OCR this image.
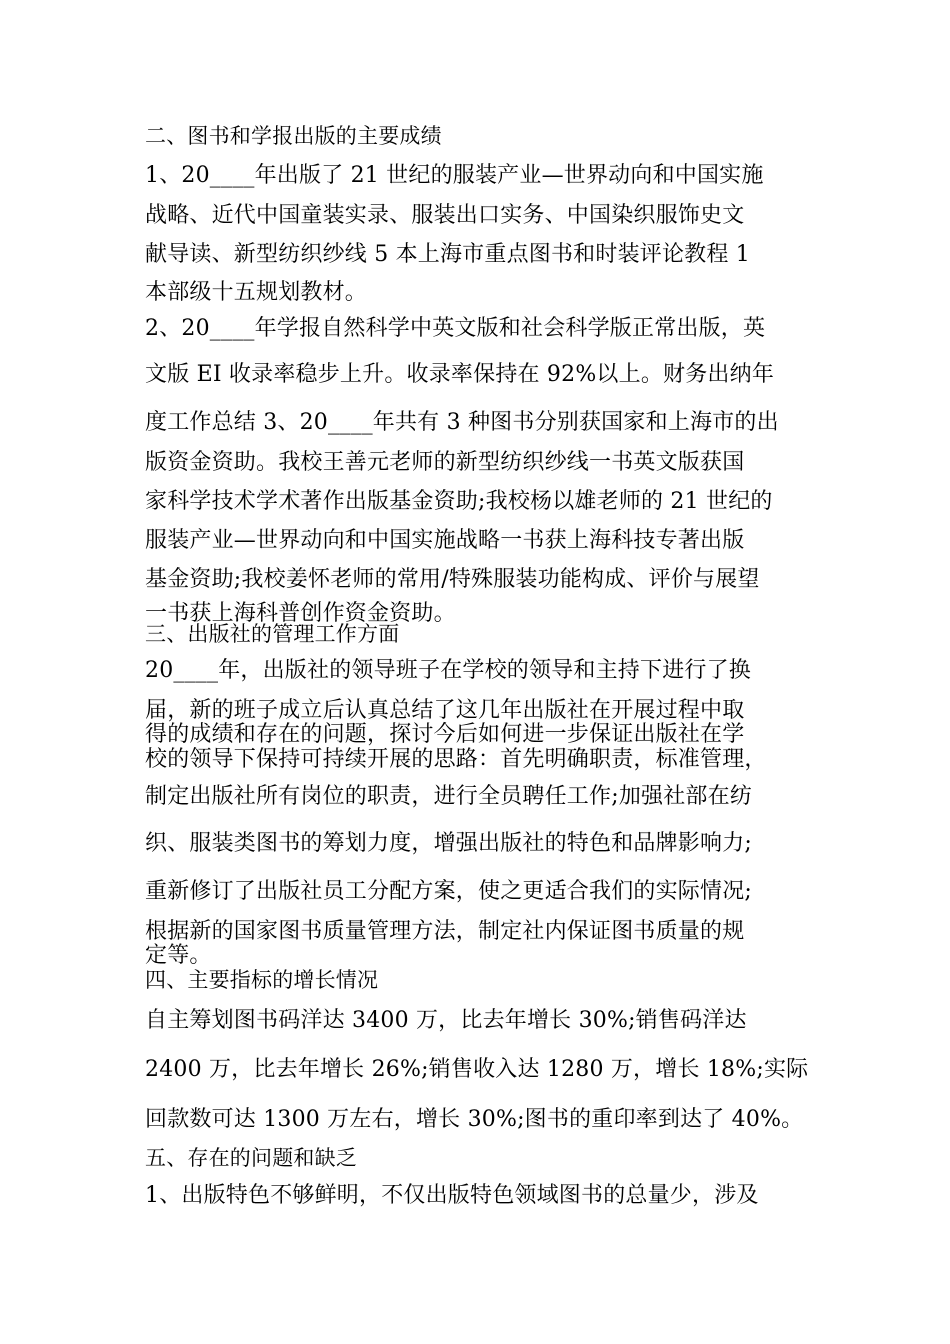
二、图书和学报出版的主要成绩

1、20____年出版了 21 世纪的服装产业—世界动向和中国实施

战略、近代中国童装实录、服装出口实务、中国染织服饰史文

献导读、新型纺织纱线 5 本上海市重点图书和时装评论教程 1

本部级十五规划教材。

2、20____年学报自然科学中英文版和社会科学版正常出版，英

文版 EI 收录率稳步上升。收录率保持在 92%以上。财务出纳年

度工作总结 3、20____年共有 3 种图书分别获国家和上海市的出

版资金资助。我校王善元老师的新型纺织纱线一书英文版获国

家科学技术学术著作出版基金资助;我校杨以雄老师的 21 世纪的

服装产业—世界动向和中国实施战略一书获上海科技专著出版

基金资助;我校姜怀老师的常用/特殊服装功能构成、评价与展望

一书获上海科普创作资金资助。

三、出版社的管理工作方面

20____年，出版社的领导班子在学校的领导和主持下进行了换

届，新的班子成立后认真总结了这几年出版社在开展过程中取

得的成绩和存在的问题，探讨今后如何进一步保证出版社在学

校的领导下保持可持续开展的思路：首先明确职责，标准管理，

制定出版社所有岗位的职责，进行全员聘任工作;加强社部在纺

织、服装类图书的筹划力度，增强出版社的特色和品牌影响力;

重新修订了出版社员工分配方案，使之更适合我们的实际情况;

根据新的国家图书质量管理方法，制定社内保证图书质量的规

定等。

四、主要指标的增长情况

自主筹划图书码洋达 3400 万，比去年增长 30%;销售码洋达

2400 万，比去年增长 26%;销售收入达 1280 万，增长 18%;实际

回款数可达 1300 万左右，增长 30%;图书的重印率到达了 40%。

五、存在的问题和缺乏

1、出版特色不够鲜明，不仅出版特色领域图书的总量少，涉及
